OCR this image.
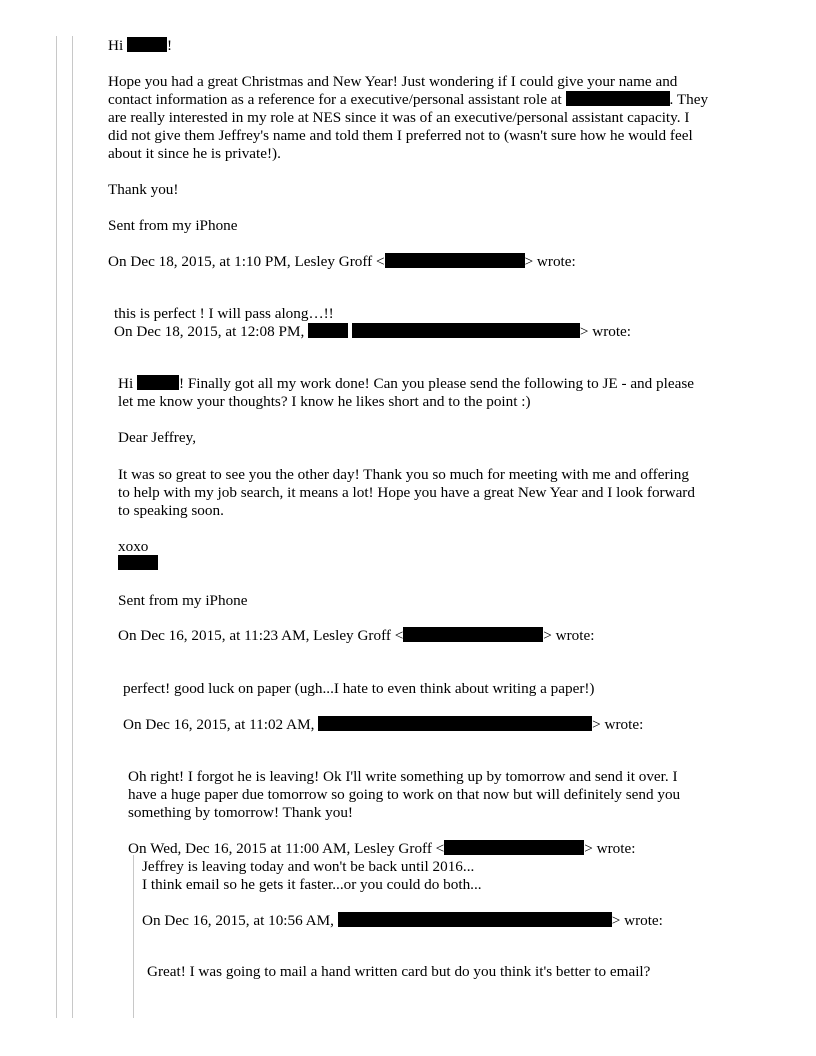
Hi	!
Hope you had a great Christmas and New Year! Just wondering if I could give your name and
contact information as a reference for a executive/personal assistant role at	. They
are really interested in my role at NES since it was of an executive/personal assistant capacity. I
did not give them Jeffrey's name and told them I preferred not to (wasn't sure how he would feel
about it since he is private!).
Thank you!
Sent from my iPhone
On Dec 18, 2015, at 1:10 PM, Lesley Groff <	> wrote:
this is perfect ! I will pass along…!!
On Dec 18, 2015, at 12:08 PM,	> wrote:
Hi	! Finally got all my work done! Can you please send the following to JE - and please
let me know your thoughts? I know he likes short and to the point :)
Dear Jeffrey,
It was so great to see you the other day! Thank you so much for meeting with me and offering
to help with my job search, it means a lot! Hope you have a great New Year and I look forward
to speaking soon.
xoxo
Sent from my iPhone
On Dec 16, 2015, at 11:23 AM, Lesley Groff <	> wrote:
perfect! good luck on paper (ugh...I hate to even think about writing a paper!)
On Dec 16, 2015, at 11:02 AM,	> wrote:
Oh right! I forgot he is leaving! Ok I'll write something up by tomorrow and send it over. I
have a huge paper due tomorrow so going to work on that now but will definitely send you
something by tomorrow! Thank you!
On Wed, Dec 16, 2015 at 11:00 AM, Lesley Groff <	> wrote:
Jeffrey is leaving today and won't be back until 2016...
I think email so he gets it faster...or you could do both...
On Dec 16, 2015, at 10:56 AM,	> wrote:
Great! I was going to mail a hand written card but do you think it's better to email?
